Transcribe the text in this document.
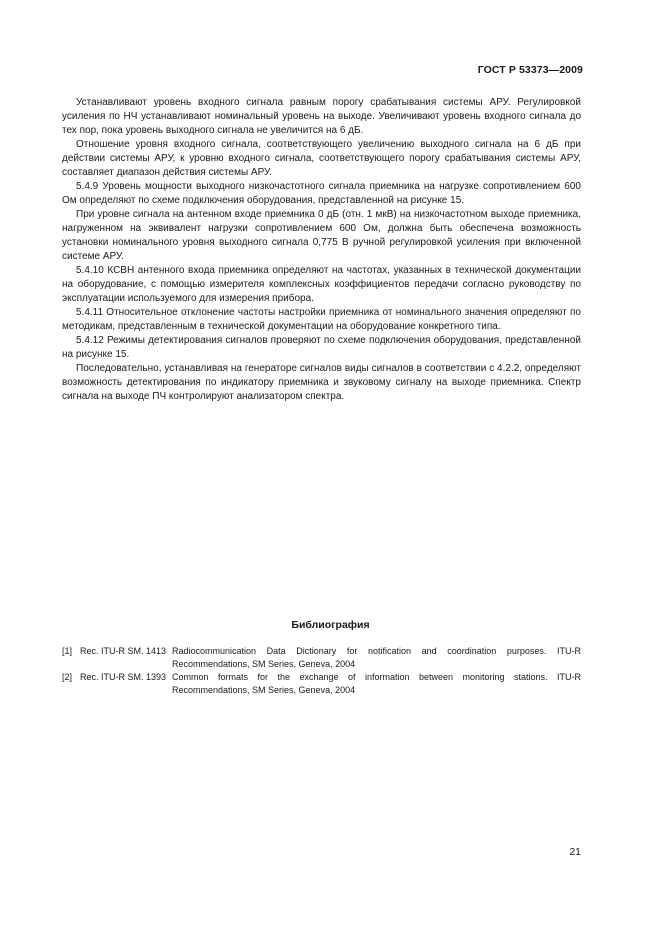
ГОСТ Р 53373—2009

Устанавливают уровень входного сигнала равным порогу срабатывания системы АРУ. Регулировкой усиления по НЧ устанавливают номинальный уровень на выходе. Увеличивают уровень входного сигнала до тех пор, пока уровень выходного сигнала не увеличится на 6 дБ.

Отношение уровня входного сигнала, соответствующего увеличению выходного сигнала на 6 дБ при действии системы АРУ, к уровню входного сигнала, соответствующего порогу срабатывания системы АРУ, составляет диапазон действия системы АРУ.

5.4.9 Уровень мощности выходного низкочастотного сигнала приемника на нагрузке сопротивлением 600 Ом определяют по схеме подключения оборудования, представленной на рисунке 15.

При уровне сигнала на антенном входе приемника 0 дБ (отн. 1 мкВ) на низкочастотном выходе приемника, нагруженном на эквивалент нагрузки сопротивлением 600 Ом, должна быть обеспечена возможность установки номинального уровня выходного сигнала 0,775 В ручной регулировкой усиления при включенной системе АРУ.

5.4.10 КСВН антенного входа приемника определяют на частотах, указанных в технической документации на оборудование, с помощью измерителя комплексных коэффициентов передачи согласно руководству по эксплуатации используемого для измерения прибора.

5.4.11 Относительное отклонение частоты настройки приемника от номинального значения определяют по методикам, представленным в технической документации на оборудование конкретного типа.

5.4.12 Режимы детектирования сигналов проверяют по схеме подключения оборудования, представленной на рисунке 15.

Последовательно, устанавливая на генераторе сигналов виды сигналов в соответствии с 4.2.2, определяют возможность детектирования по индикатору приемника и звуковому сигналу на выходе приемника. Спектр сигнала на выходе ПЧ контролируют анализатором спектра.

Библиография
[1] Rec. ITU-R SM. 1413 Radiocommunication Data Dictionary for notification and coordination purposes. ITU-R Recommendations, SM Series, Geneva, 2004
[2] Rec. ITU-R SM. 1393 Common formats for the exchange of information between monitoring stations. ITU-R Recommendations, SM Series, Geneva, 2004
21
